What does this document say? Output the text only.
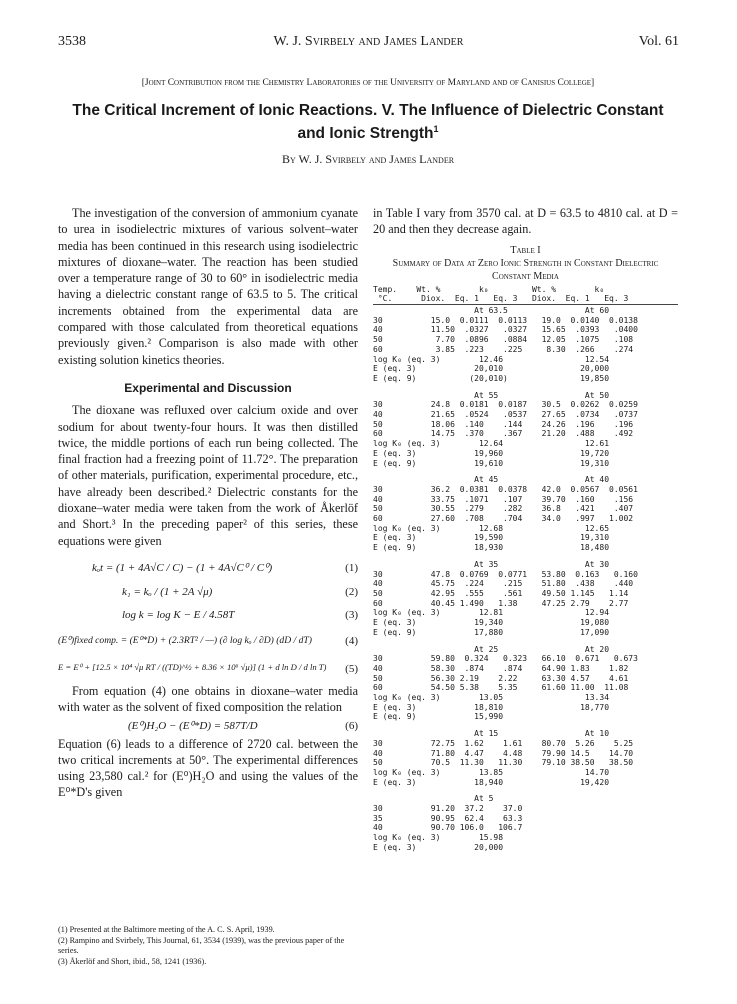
3538	W. J. Svirbely and James Lander	Vol. 61
[Joint Contribution from the Chemistry Laboratories of the University of Maryland and of Canisius College]
The Critical Increment of Ionic Reactions. V. The Influence of Dielectric Constant
and Ionic Strength$^1$
By W. J. Svirbely and James Lander

The investigation of the conversion of ammonium cyanate to urea in isodielectric mixtures of various solvent–water media has been continued in this research using isodielectric mixtures of dioxane–water. The reaction has been studied over a temperature range of 30 to 60° in isodielectric media having a dielectric constant range of 63.5 to 5. The critical increments obtained from the experimental data are compared with those calculated from theoretical equations previously given.² Comparison is also made with other existing solution kinetics theories.

Experimental and Discussion

The dioxane was refluxed over calcium oxide and over sodium for about twenty-four hours. It was then distilled twice, the middle portions of each run being collected. The final fraction had a freezing point of 11.72°. The preparation of other materials, purification, experimental procedure, etc., have already been described.² Dielectric constants for the dioxane–water media were taken from the work of Åkerlöf and Short.³ In the preceding paper² of this series, these equations were given

kₒt = (1 + 4A√C / C) − (1 + 4A√C⁰ / C⁰)	(1)
k₁ = kₒ / (1 + 2A √μ)	(2)
log k = log K − E / 4.58T	(3)
(E⁰)fixed comp. = (E⁰*D) + (2.3RT² / —) (∂ log kₒ / ∂D) (dD / dT)	(4)
E = E⁰ + [12.5 × 10⁴ √μ RT / ((TD)^½ + 8.36 × 10⁶ √μ)] (1 + d ln D / d ln T)	(5)

From equation (4) one obtains in dioxane–water media with water as the solvent of fixed composition the relation

(E⁰)H₂O − (E⁰*D) = 587T/D	(6)

Equation (6) leads to a difference of 2720 cal. between the two critical increments at 50°. The experimental differences using 23,580 cal.² for (E⁰)H₂O and using the values of the E⁰*D's given

(1) Presented at the Baltimore meeting of the A. C. S. April, 1939.
(2) Rampino and Svirbely, This Journal, 61, 3534 (1939), was the previous paper of the series.
(3) Åkerlöf and Short, ibid., 58, 1241 (1936).

in Table I vary from 3570 cal. at D = 63.5 to 4810 cal. at D = 20 and then they decrease again.

Table I
Summary of Data at Zero Ionic Strength in Constant Dielectric Constant Media
Temp.    Wt. %        k₀         Wt. %        k₀
°C.      Diox.  Eq. 1   Eq. 3   Diox.  Eq. 1   Eq. 3
At 63.5                At 60
30          15.0  0.0111  0.0113   19.0  0.0140  0.0138
40          11.50  .0327   .0327   15.65  .0393   .0400
50           7.70  .0896   .0884   12.05  .1075   .108
60           3.85  .223    .225     8.30  .266    .274
log K₀ (eq. 3)        12.46                 12.54
E (eq. 3)            20,010                20,000
E (eq. 9)           (20,010)               19,850
At 55                  At 50
30          24.8  0.0181  0.0187   30.5  0.0262  0.0259
40          21.65  .0524   .0537   27.65  .0734   .0737
50          18.06  .140    .144    24.26  .196    .196
60          14.75  .370    .367    21.20  .488    .492
log K₀ (eq. 3)        12.64                 12.61
E (eq. 3)            19,960                19,720
E (eq. 9)            19,610                19,310
At 45                  At 40
30          36.2  0.0381  0.0378   42.0  0.0567  0.0561
40          33.75  .1071   .107    39.70  .160    .156
50          30.55  .279    .282    36.8   .421    .407
60          27.60  .708    .704    34.0   .997   1.002
log K₀ (eq. 3)        12.68                 12.65
E (eq. 3)            19,590                19,310
E (eq. 9)            18,930                18,480
At 35                  At 30
30          47.8  0.0769  0.0771   53.80  0.163   0.160
40          45.75  .224    .215    51.80  .438    .440
50          42.95  .555    .561    49.50 1.145   1.14
60          40.45 1.490   1.38     47.25 2.79    2.77
log K₀ (eq. 3)        12.81                 12.94
E (eq. 3)            19,340                19,080
E (eq. 9)            17,880                17,090
At 25                  At 20
30          59.80  0.324   0.323   66.10  0.671   0.673
40          58.30  .874    .874    64.90 1.83    1.82
50          56.30 2.19    2.22     63.30 4.57    4.61
60          54.50 5.38    5.35     61.60 11.00  11.08
log K₀ (eq. 3)        13.05                 13.34
E (eq. 3)            18,810                18,770
E (eq. 9)            15,990
At 15                  At 10
30          72.75  1.62    1.61    80.70  5.26    5.25
40          71.80  4.47    4.48    79.90 14.5    14.70
50          70.5  11.30   11.30    79.10 38.50   38.50
log K₀ (eq. 3)        13.85                 14.70
E (eq. 3)            18,940                19,420
At 5
30          91.20  37.2    37.0
35          90.95  62.4    63.3
40          90.70 106.0   106.7
log K₀ (eq. 3)        15.98
E (eq. 3)            20,000
